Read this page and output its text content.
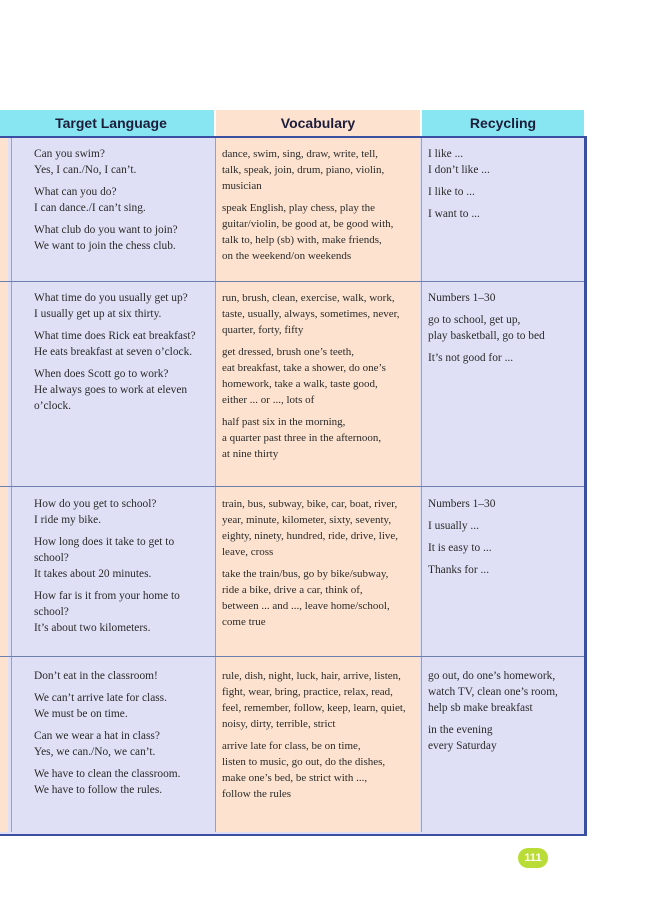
Target Language	Vocabulary	Recycling

Can you swim?
Yes, I can./No, I can’t.

What can you do?
I can dance./I can’t sing.

What club do you want to join?
We want to join the chess club.

dance, swim, sing, draw, write, tell,
talk, speak, join, drum, piano, violin,
musician

speak English, play chess, play the
guitar/violin, be good at, be good with,
talk to, help (sb) with, make friends,
on the weekend/on weekends

I like ...
I don’t like ...

I like to ...

I want to ...

What time do you usually get up?
I usually get up at six thirty.

What time does Rick eat breakfast?
He eats breakfast at seven o’clock.

When does Scott go to work?
He always goes to work at eleven
o’clock.

run, brush, clean, exercise, walk, work,
taste, usually, always, sometimes, never,
quarter, forty, fifty

get dressed, brush one’s teeth,
eat breakfast, take a shower, do one’s
homework, take a walk, taste good,
either ... or ..., lots of

half past six in the morning,
a quarter past three in the afternoon,
at nine thirty

Numbers 1–30

go to school, get up,
play basketball, go to bed

It’s not good for ...

How do you get to school?
I ride my bike.

How long does it take to get to
school?
It takes about 20 minutes.

How far is it from your home to
school?
It’s about two kilometers.

train, bus, subway, bike, car, boat, river,
year, minute, kilometer, sixty, seventy,
eighty, ninety, hundred, ride, drive, live,
leave, cross

take the train/bus, go by bike/subway,
ride a bike, drive a car, think of,
between ... and ..., leave home/school,
come true

Numbers 1–30

I usually ...

It is easy to ...

Thanks for ...

Don’t eat in the classroom!

We can’t arrive late for class.
We must be on time.

Can we wear a hat in class?
Yes, we can./No, we can’t.

We have to clean the classroom.
We have to follow the rules.

rule, dish, night, luck, hair, arrive, listen,
fight, wear, bring, practice, relax, read,
feel, remember, follow, keep, learn, quiet,
noisy, dirty, terrible, strict

arrive late for class, be on time,
listen to music, go out, do the dishes,
make one’s bed, be strict with ...,
follow the rules

go out, do one’s homework,
watch TV, clean one’s room,
help sb make breakfast

in the evening
every Saturday

111
